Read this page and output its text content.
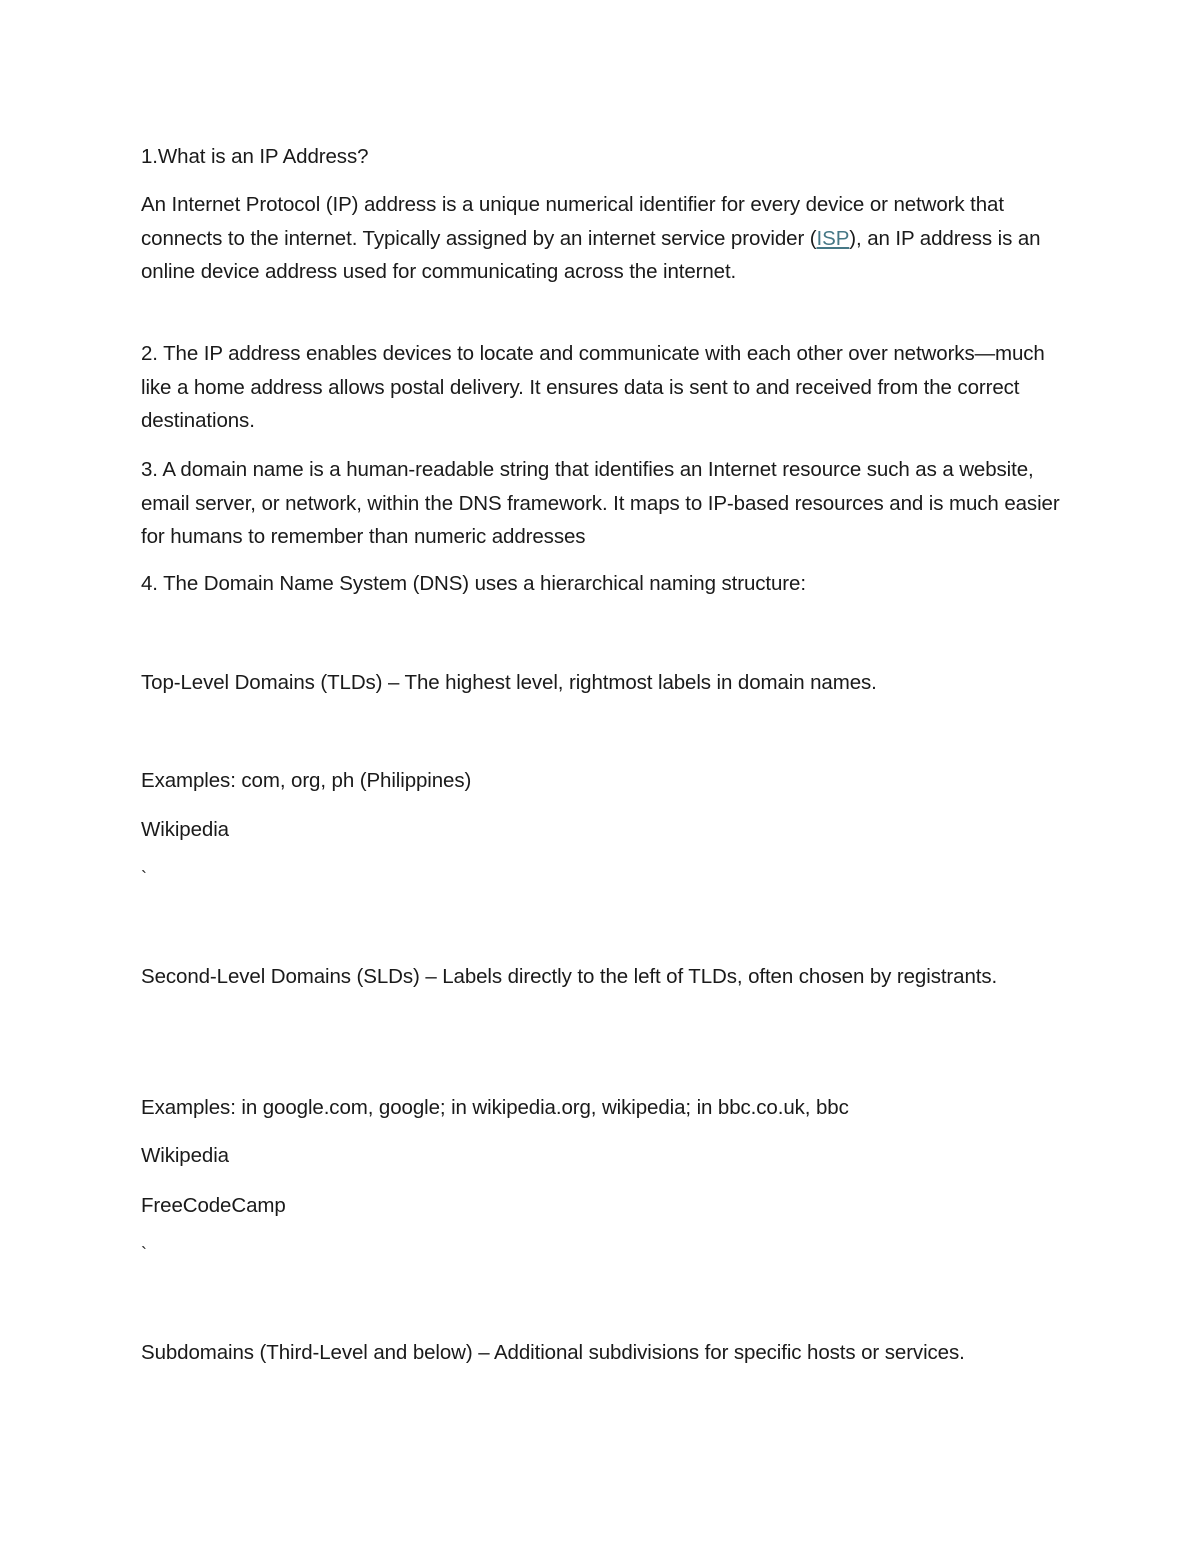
1.What is an IP Address?

An Internet Protocol (IP) address is a unique numerical identifier for every device or network that connects to the internet. Typically assigned by an internet service provider (ISP), an IP address is an online device address used for communicating across the internet.

2. The IP address enables devices to locate and communicate with each other over networks—much like a home address allows postal delivery. It ensures data is sent to and received from the correct destinations.

3. A domain name is a human-readable string that identifies an Internet resource such as a website, email server, or network, within the DNS framework. It maps to IP-based resources and is much easier for humans to remember than numeric addresses

4. The Domain Name System (DNS) uses a hierarchical naming structure:

Top-Level Domains (TLDs) – The highest level, rightmost labels in domain names.

Examples: com, org, ph (Philippines)

Wikipedia

`

Second-Level Domains (SLDs) – Labels directly to the left of TLDs, often chosen by registrants.

Examples: in google.com, google; in wikipedia.org, wikipedia; in bbc.co.uk, bbc

Wikipedia

FreeCodeCamp

`

Subdomains (Third-Level and below) – Additional subdivisions for specific hosts or services.
